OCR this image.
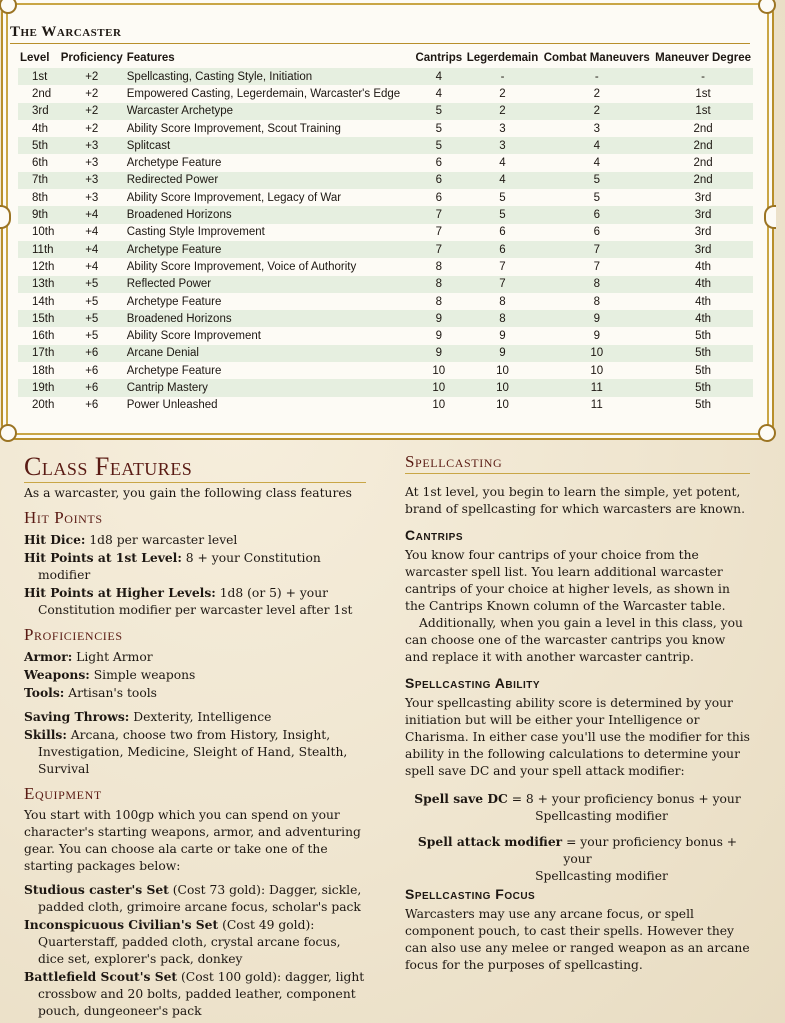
The Warcaster
Level	Proficiency	Features	Cantrips	Legerdemain	Combat Maneuvers	Maneuver Degree
1st	+2	Spellcasting, Casting Style, Initiation	4	-	-	-
2nd	+2	Empowered Casting, Legerdemain, Warcaster's Edge	4	2	2	1st
3rd	+2	Warcaster Archetype	5	2	2	1st
4th	+2	Ability Score Improvement, Scout Training	5	3	3	2nd
5th	+3	Splitcast	5	3	4	2nd
6th	+3	Archetype Feature	6	4	4	2nd
7th	+3	Redirected Power	6	4	5	2nd
8th	+3	Ability Score Improvement, Legacy of War	6	5	5	3rd
9th	+4	Broadened Horizons	7	5	6	3rd
10th	+4	Casting Style Improvement	7	6	6	3rd
11th	+4	Archetype Feature	7	6	7	3rd
12th	+4	Ability Score Improvement, Voice of Authority	8	7	7	4th
13th	+5	Reflected Power	8	7	8	4th
14th	+5	Archetype Feature	8	8	8	4th
15th	+5	Broadened Horizons	9	8	9	4th
16th	+5	Ability Score Improvement	9	9	9	5th
17th	+6	Arcane Denial	9	9	10	5th
18th	+6	Archetype Feature	10	10	10	5th
19th	+6	Cantrip Mastery	10	10	11	5th
20th	+6	Power Unleashed	10	10	11	5th
Class Features

As a warcaster, you gain the following class features

Hit Points

Hit Dice: 1d8 per warcaster level

Hit Points at 1st Level: 8 + your Constitution modifier

Hit Points at Higher Levels: 1d8 (or 5) + your Constitution modifier per warcaster level after 1st

Proficiencies

Armor: Light Armor

Weapons: Simple weapons

Tools: Artisan's tools

Saving Throws: Dexterity, Intelligence

Skills: Arcana, choose two from History, Insight, Investigation, Medicine, Sleight of Hand, Stealth, Survival

Equipment

You start with 100gp which you can spend on your character's starting weapons, armor, and adventuring gear. You can choose ala carte or take one of the starting packages below:

Studious caster's Set (Cost 73 gold): Dagger, sickle, padded cloth, grimoire arcane focus, scholar's pack

Inconspicuous Civilian's Set (Cost 49 gold): Quarterstaff, padded cloth, crystal arcane focus, dice set, explorer's pack, donkey

Battlefield Scout's Set (Cost 100 gold): dagger, light crossbow and 20 bolts, padded leather, component pouch, dungeoneer's pack

Spellcasting

At 1st level, you begin to learn the simple, yet potent, brand of spellcasting for which warcasters are known.

Cantrips

You know four cantrips of your choice from the warcaster spell list. You learn additional warcaster cantrips of your choice at higher levels, as shown in the Cantrips Known column of the Warcaster table.

Additionally, when you gain a level in this class, you can choose one of the warcaster cantrips you know and replace it with another warcaster cantrip.

Spellcasting Ability

Your spellcasting ability score is determined by your initiation but will be either your Intelligence or Charisma. In either case you'll use the modifier for this ability in the following calculations to determine your spell save DC and your spell attack modifier:

Spell save DC = 8 + your proficiency bonus + your
Spellcasting modifier

Spell attack modifier = your proficiency bonus + your
Spellcasting modifier

Spellcasting Focus

Warcasters may use any arcane focus, or spell component pouch, to cast their spells. However they can also use any melee or ranged weapon as an arcane focus for the purposes of spellcasting.
